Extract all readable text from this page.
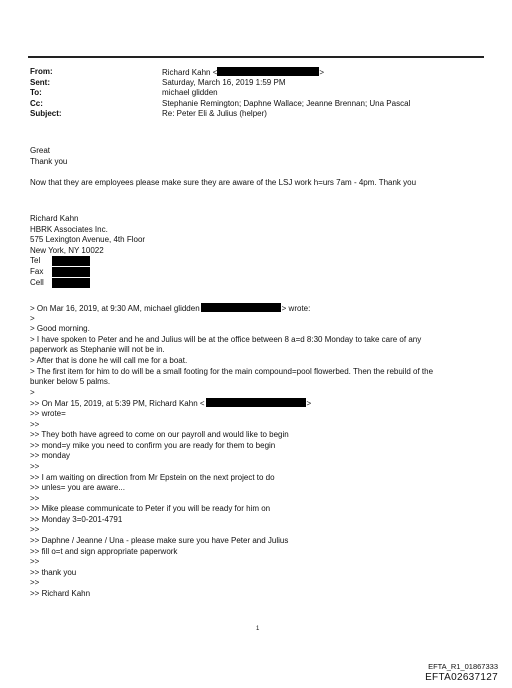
From:	Richard Kahn <	>
Sent:	Saturday, March 16, 2019 1:59 PM
To:	michael glidden
Cc:	Stephanie Remington; Daphne Wallace; Jeanne Brennan; Una Pascal
Subject:	Re: Peter Eli & Julius (helper)
Great
Thank you
Now that they are employees please make sure they are aware of the LSJ work h=urs 7am - 4pm. Thank you
Richard Kahn
HBRK Associates Inc.
575 Lexington Avenue, 4th Floor
New York, NY 10022
Tel
Fax
Cell
> On Mar 16, 2019, at 9:30 AM, michael glidden	> wrote:
>
> Good morning.
> I have spoken to Peter and he and Julius will be at the office between 8 a=d 8:30 Monday to take care of any
paperwork as Stephanie will not be in.
> After that is done he will call me for a boat.
> The first item for him to do will be a small footing for the main compound=pool flowerbed. Then the rebuild of the
bunker below 5 palms.
>
>> On Mar 15, 2019, at 5:39 PM, Richard Kahn <	>
>> wrote=
>>
>> They both have agreed to come on our payroll and would like to begin
>> mond=y mike you need to confirm you are ready for them to begin
>> monday
>>
>> I am waiting on direction from Mr Epstein on the next project to do
>> unles= you are aware...
>>
>> Mike please communicate to Peter if you will be ready for him on
>> Monday 3=0-201-4791
>>
>> Daphne / Jeanne / Una - please make sure you have Peter and Julius
>> fill o=t and sign appropriate paperwork
>>
>> thank you
>>
>> Richard Kahn
1
EFTA_R1_01867333
EFTA02637127
